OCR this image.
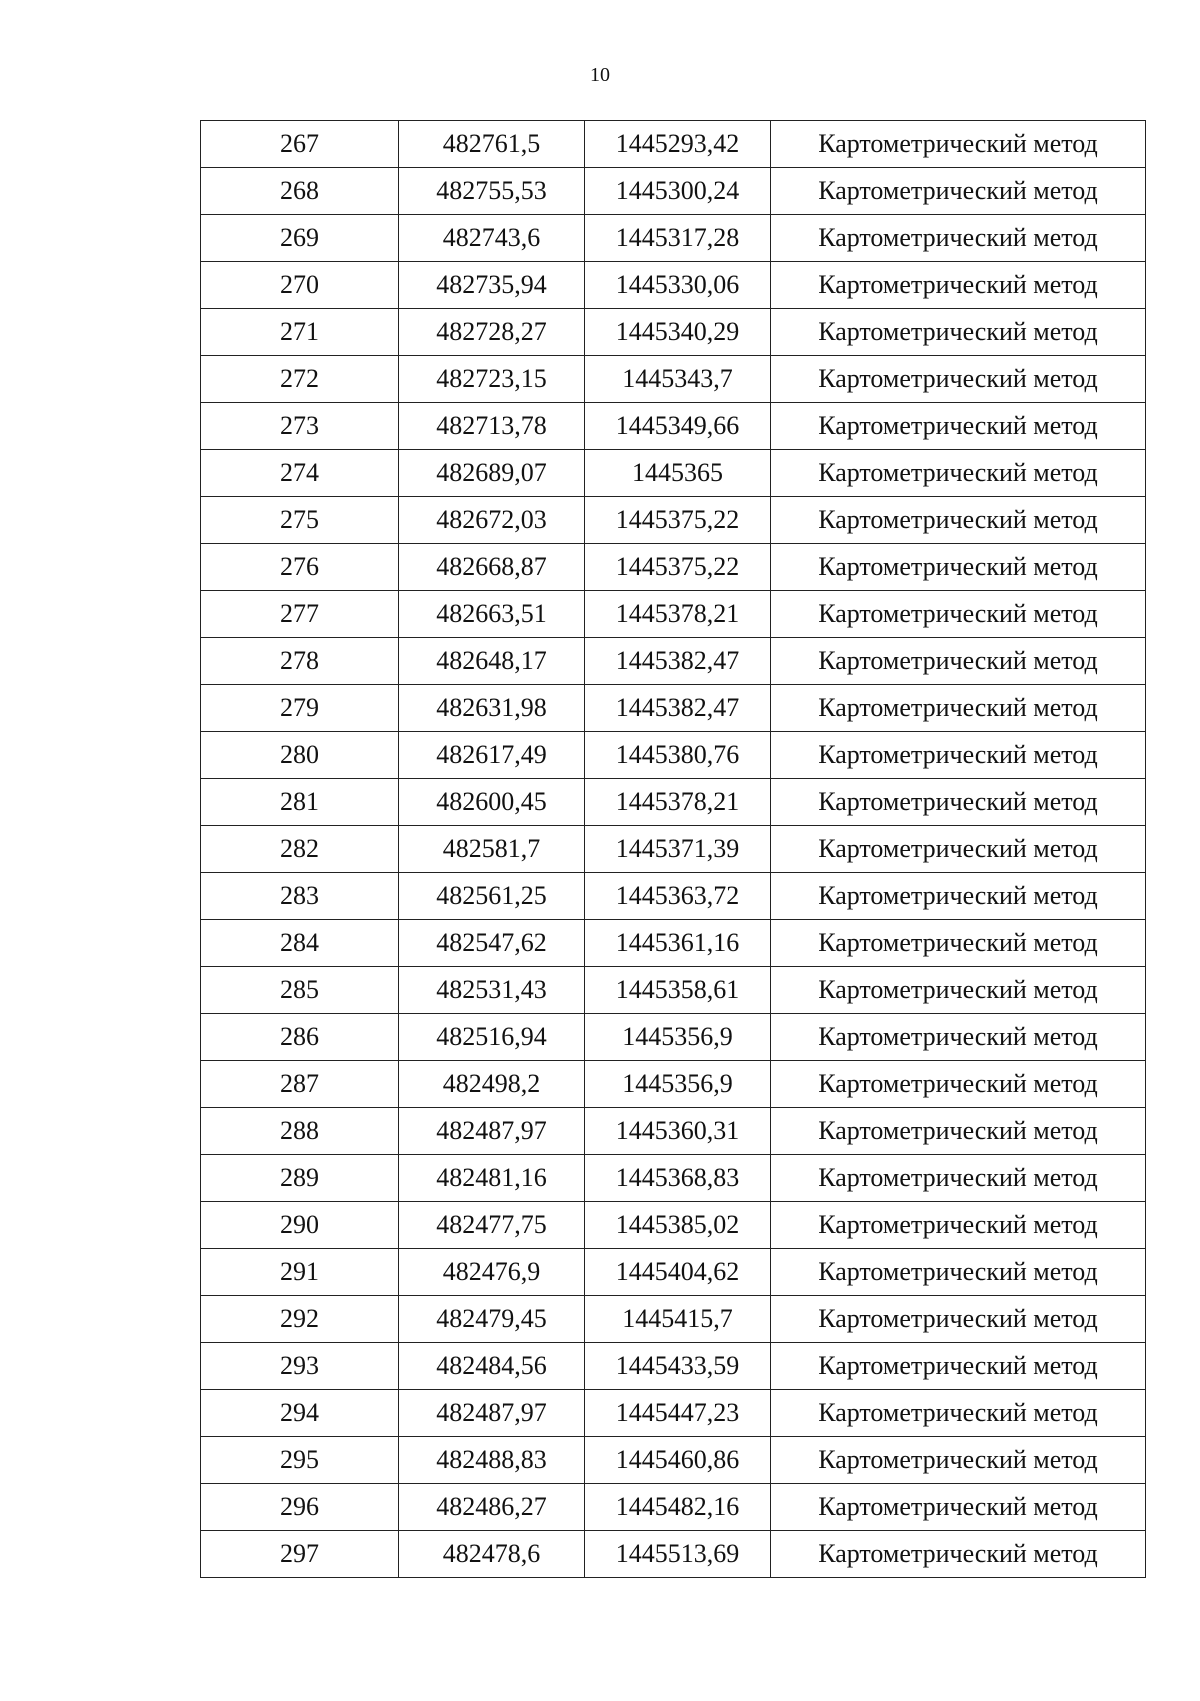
10
267	482761,5	1445293,42	Картометрический метод
268	482755,53	1445300,24	Картометрический метод
269	482743,6	1445317,28	Картометрический метод
270	482735,94	1445330,06	Картометрический метод
271	482728,27	1445340,29	Картометрический метод
272	482723,15	1445343,7	Картометрический метод
273	482713,78	1445349,66	Картометрический метод
274	482689,07	1445365	Картометрический метод
275	482672,03	1445375,22	Картометрический метод
276	482668,87	1445375,22	Картометрический метод
277	482663,51	1445378,21	Картометрический метод
278	482648,17	1445382,47	Картометрический метод
279	482631,98	1445382,47	Картометрический метод
280	482617,49	1445380,76	Картометрический метод
281	482600,45	1445378,21	Картометрический метод
282	482581,7	1445371,39	Картометрический метод
283	482561,25	1445363,72	Картометрический метод
284	482547,62	1445361,16	Картометрический метод
285	482531,43	1445358,61	Картометрический метод
286	482516,94	1445356,9	Картометрический метод
287	482498,2	1445356,9	Картометрический метод
288	482487,97	1445360,31	Картометрический метод
289	482481,16	1445368,83	Картометрический метод
290	482477,75	1445385,02	Картометрический метод
291	482476,9	1445404,62	Картометрический метод
292	482479,45	1445415,7	Картометрический метод
293	482484,56	1445433,59	Картометрический метод
294	482487,97	1445447,23	Картометрический метод
295	482488,83	1445460,86	Картометрический метод
296	482486,27	1445482,16	Картометрический метод
297	482478,6	1445513,69	Картометрический метод
